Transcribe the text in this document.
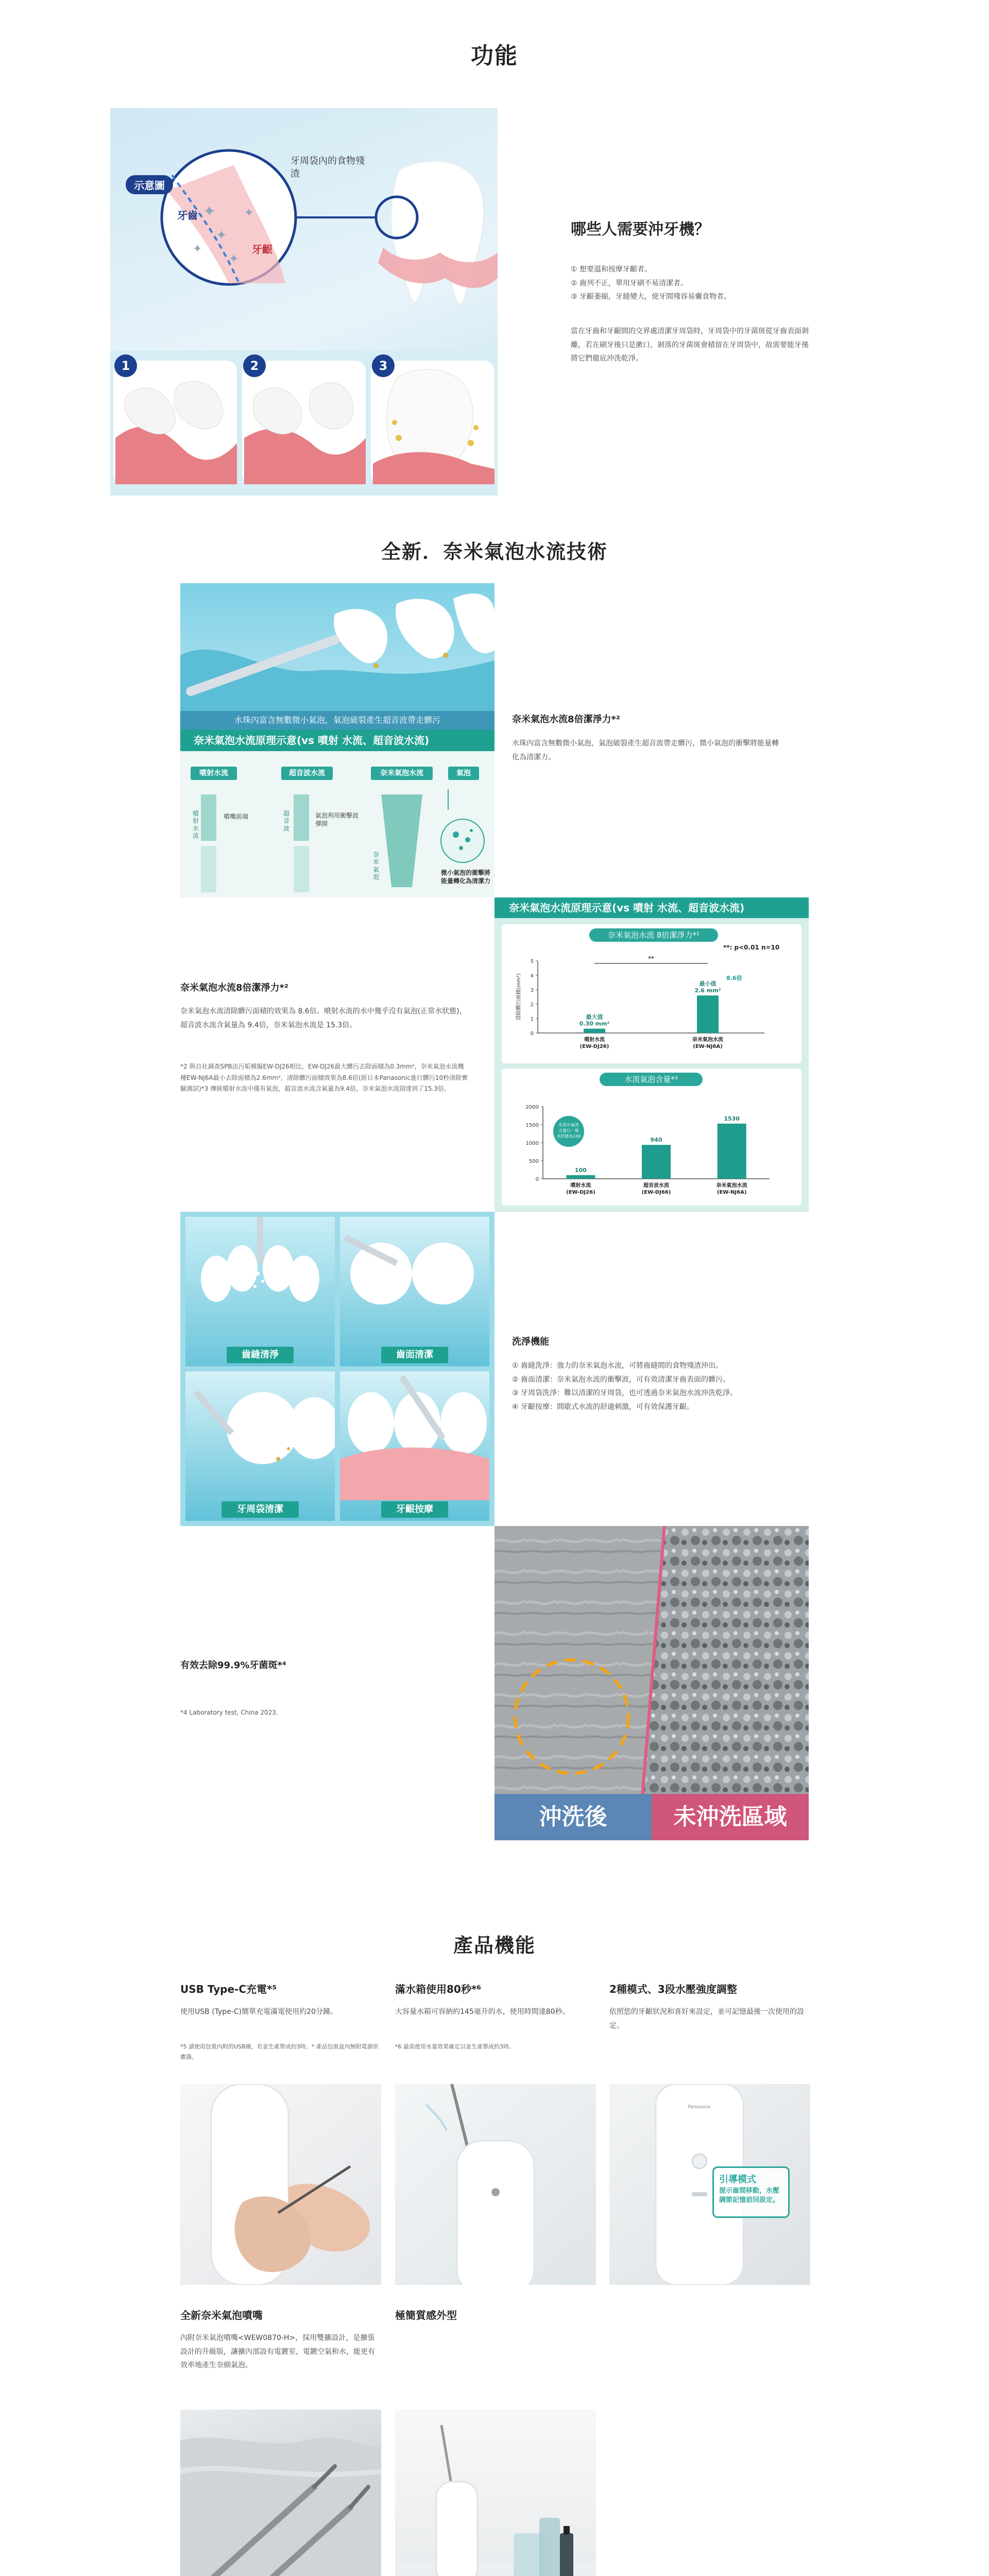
功能
✦
✦
✦
✦
✦
示意圖
牙周袋內的食物殘渣
牙齒
牙齦
1	2	3
哪些人需要沖牙機？
① 想要溫和按摩牙齦者。
② 齒列不正，單用牙刷不易清潔者。
③ 牙齦萎縮，牙縫變大，使牙間殘容易囊食物者。
當在牙齒和牙齦間的交界處清潔牙周袋時，牙周袋中的牙菌斑從牙齒表面剝離，若在刷牙後只是漱口，剝落的牙菌斑會積留在牙周袋中，故需要能牙後將它們徹底沖洗乾淨。
全新．奈米氣泡水流技術
水珠內富含無數微小氣泡，氣泡破裂產生超音波帶走髒污
奈米氣泡水流原理示意(vs 噴射 水流、超音波水流)
噴射水流	超音波水流	奈米氣泡水流	氣泡
噴射水流
噴嘴前端	超音波
氣泡利用衝擊波彈開
奈米氣泡
微小氣泡的衝擊將能量轉化為清潔力
奈米氣泡水流8倍潔淨力*²
水珠內富含無數微小氣泡，氣泡破裂產生超音波帶走髒污，微小氣泡的衝擊將能量轉化為清潔力。
奈米氣泡水流8倍潔淨力*²
奈米氣泡水流清除髒污面積的效果為 8.6倍。噴射水流的水中幾乎沒有氣泡(正常水狀態)，超音波水流含氣量為 9.4倍，奈米氣泡水流是 15.3倍。
*2 與自社調查SPB法污垢模擬EW-DJ26相比，EW-DJ26最大髒污去除面積為0.3mm²，奈米氣泡水流機種EW-NJ6A最小去除面積為2.6mm²，清除髒污面積效果為8.6倍(經日本Panasonic進行髒污10秒清除實驗測試)*3 傳統噴射水流中僅有氣泡，超音波水流含氣量為9.4倍，奈米氣泡水流則達到了15.3倍。
奈米氣泡水流原理示意(vs 噴射 水流、超音波水流)
奈米氣泡水流 8倍潔淨力*¹
**: p<0.01 n=10
0
1
2
3
4
5
清除髒污面積(mm²)	最大值
0.30 mm²
噴射水流
(EW-DJ26)
最小值
2.6 mm²
奈米氣泡水流
(EW-NJ6A)
**
8.6倍
水流氣泡含量*³
0
500
1000
1500
2000
100
噴射水流
(EW-DJ26)
940
超音波水流
(EW-DJ66)
1530
奈米氣泡水流
(EW-NJ6A)
水流中氣泡
含量以一般
水狀態為100
齒縫清淨	齒面清潔
牙周袋清潔	牙齦按摩
洗淨機能
① 齒縫洗淨：強力的奈米氣泡水流，可將齒縫間的食物殘渣沖出。
② 齒面清潔：奈米氣泡水流的衝擊波，可有效清潔牙齒表面的髒污。
③ 牙周袋洗淨：難以清潔的牙周袋，也可透過奈米氣泡水流沖洗乾淨。
④ 牙齦按摩：間歇式水流的舒適刺激，可有效保護牙齦。
有效去除99.9%牙菌斑*⁴
*4 Laboratory test, China 2023.
沖洗後	未沖洗區域
產品機能
USB Type-C充電*⁵
使用USB (Type-C)簡單充電滿電使用約20分鐘。
*5 請使用包裝內附的USB線，若並生產單成約3時。* 產品包裝盒內無附電源供應器。
滿水箱使用80秒*⁶
大容量水箱可容納約145毫升的水，使用時間達80秒。
*6 最高使用水量效果確定以並生產單成約3時。
2種模式、3段水壓強度調整
依照您的牙齦狀況和喜好來設定，並可記憶最後一次使用的設定。
Panasonic
引導模式
提示齒間移動，水壓調節記憶前回設定。
全新奈米氣泡噴嘴
內附奈米氣泡噴嘴<WEW0870-H>，採用雙擴設計，是擴張設計的升級版，讓擴內部設有電鍍室，電鍍空氣和水，能更有效率地產生奈細氣泡。
極簡質感外型
